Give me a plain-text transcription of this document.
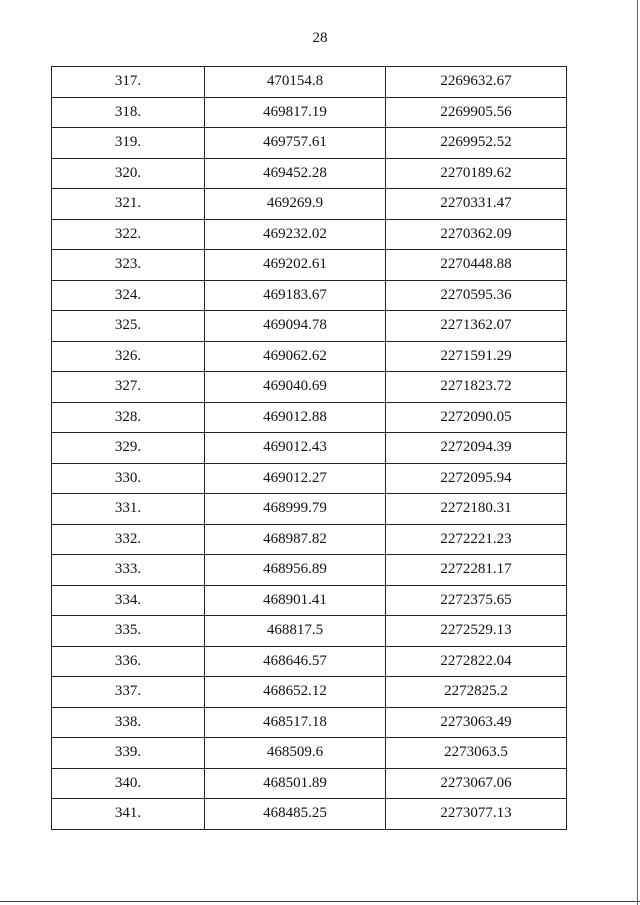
28
317.	470154.8	2269632.67
318.	469817.19	2269905.56
319.	469757.61	2269952.52
320.	469452.28	2270189.62
321.	469269.9	2270331.47
322.	469232.02	2270362.09
323.	469202.61	2270448.88
324.	469183.67	2270595.36
325.	469094.78	2271362.07
326.	469062.62	2271591.29
327.	469040.69	2271823.72
328.	469012.88	2272090.05
329.	469012.43	2272094.39
330.	469012.27	2272095.94
331.	468999.79	2272180.31
332.	468987.82	2272221.23
333.	468956.89	2272281.17
334.	468901.41	2272375.65
335.	468817.5	2272529.13
336.	468646.57	2272822.04
337.	468652.12	2272825.2
338.	468517.18	2273063.49
339.	468509.6	2273063.5
340.	468501.89	2273067.06
341.	468485.25	2273077.13
